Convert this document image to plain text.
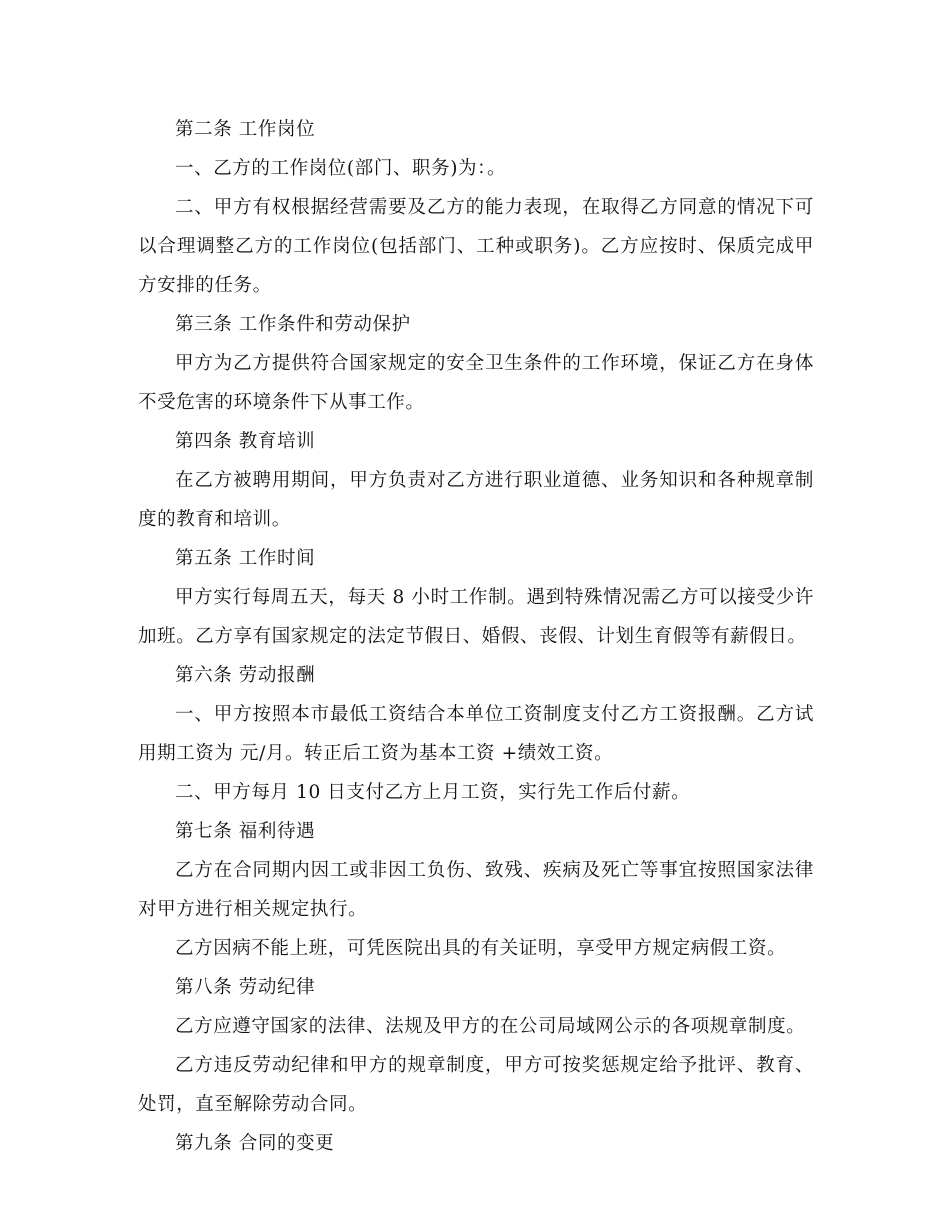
第二条 工作岗位

一、乙方的工作岗位(部门、职务)为：。

二、甲方有权根据经营需要及乙方的能力表现，在取得乙方同意的情况下可以合理调整乙方的工作岗位(包括部门、工种或职务)。乙方应按时、保质完成甲方安排的任务。

第三条 工作条件和劳动保护

甲方为乙方提供符合国家规定的安全卫生条件的工作环境，保证乙方在身体不受危害的环境条件下从事工作。

第四条 教育培训

在乙方被聘用期间，甲方负责对乙方进行职业道德、业务知识和各种规章制度的教育和培训。

第五条 工作时间

甲方实行每周五天，每天 8 小时工作制。遇到特殊情况需乙方可以接受少许加班。乙方享有国家规定的法定节假日、婚假、丧假、计划生育假等有薪假日。

第六条 劳动报酬

一、甲方按照本市最低工资结合本单位工资制度支付乙方工资报酬。乙方试用期工资为 元/月。转正后工资为基本工资 +绩效工资。

二、甲方每月 10 日支付乙方上月工资，实行先工作后付薪。

第七条 福利待遇

乙方在合同期内因工或非因工负伤、致残、疾病及死亡等事宜按照国家法律对甲方进行相关规定执行。

乙方因病不能上班，可凭医院出具的有关证明，享受甲方规定病假工资。

第八条 劳动纪律

乙方应遵守国家的法律、法规及甲方的在公司局域网公示的各项规章制度。

乙方违反劳动纪律和甲方的规章制度，甲方可按奖惩规定给予批评、教育、处罚，直至解除劳动合同。

第九条 合同的变更
